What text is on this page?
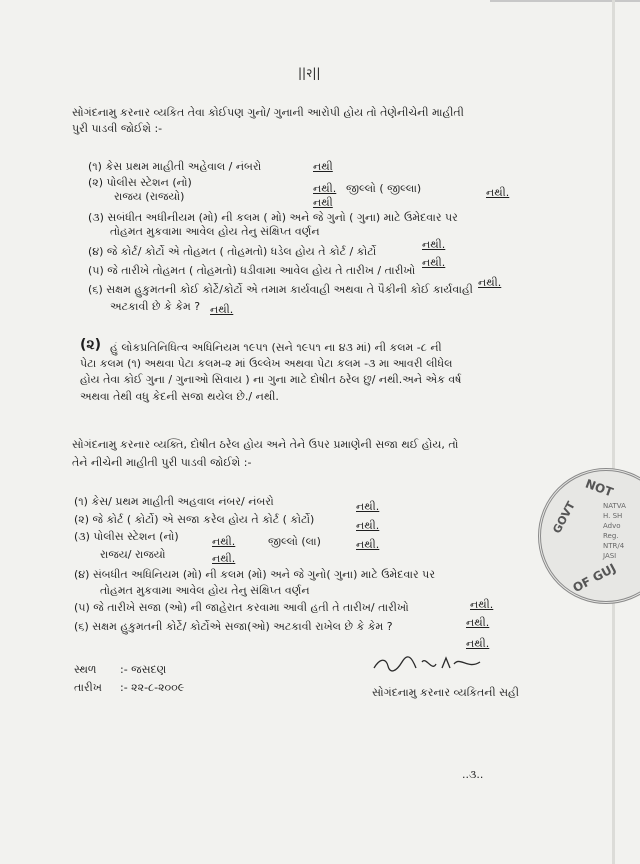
||२||
સોગંદનામુ કરનાર વ્યકિત તેવા કોઈપણ ગુનો/ ગુનાની આરોપી હોય તો તેણેનીચેની માહીતી
પુરી પાડવી જોઈશે :-
(૧) કેસ પ્રથમ માહીતી અહેવાલ / નંબરો	નથી
(૨) પોલીસ સ્ટેશન (નો)	નથી. જીલ્લો ( જીલ્લા)	નથી.
રાજય (રાજયો)	નથી
(૩) સબંધીત અધીનીયમ (મો) ની કલમ ( મો) અને જે ગુનો ( ગુના) માટે ઉમેદવાર પર
તોહમત મુકવામા આવેલ હોય તેનુ સંક્ષિપ્ત વર્ણન
નથી.
(૪) જે કોર્ટ/ કોર્ટો એ તોહમત ( તોહમતો) ધડેલ હોય તે કોર્ટ / કોર્ટો
નથી.
(૫) જે તારીખે તોહમત ( તોહમતો) ધડીવામા આવેલ હોય તે તારીખ / તારીખો
નથી.
(૬) સક્ષમ હુકુમતની કોઈ કોર્ટે/કોર્ટો એ તમામ કાર્યવાહી અથવા તે પૈકીની કોઈ કાર્યવાહી
અટકાવી છે કે કેમ ? નથી.
(૨) હું લોકપ્રતિનિધિત્વ અધિનિયમ ૧૯૫૧ (સને ૧૯૫૧ ના ૪૩ માં) ની કલમ -૮ ની
પેટા કલમ (૧) અથવા પેટા કલમ-૨ માં ઉલ્લેખ અથવા પેટા કલમ -૩ મા આવરી લીધેલ
હોય તેવા કોઈ ગુના / ગુનાઓ સિવાય ) ના ગુના માટે દોષીત ઠરેલ છુ/ નથી.અને એક વર્ષ
અથવા તેથી વધુ કેદની સજા થયેલ છે./ નથી.
સોગંદનામુ કરનાર વ્યક્તિ, દોષીત ઠરેલ હોય અને તેને ઉપર પ્રમાણેની સજા થઈ હોય, તો
તેને નીચેની માહીતી પુરી પાડવી જોઈશે :-
(૧) કેસ/ પ્રથમ માહીતી અહવાલ નંબર/ નંબરો	નથી.
(૨) જે કોર્ટ ( કોર્ટો) એ સજા કરેલ હોય તે કોર્ટ ( કોર્ટો)	નથી.
(૩) પોલીસ સ્ટેશન (નો)	નથી.	જીલ્લો (લા)	નથી.
રાજય/ રાજયો	નથી.
(૪) સંબધીત અધિનિયમ (મો) ની કલમ (મો) અને જે ગુનો( ગુના) માટે ઉમેદવાર પર
તોહમત મુકવામા આવેલ હોય તેનુ સંક્ષિપ્ત વર્ણન
નથી.
(૫) જે તારીખે સજા (ઓ) ની જાહેરાત કરવામા આવી હતી તે તારીખ/ તારીખો
નથી.
(૬) સક્ષમ હુકુમતની કોર્ટે/ કોર્ટોએ સજા(ઓ) અટકાવી રાખેલ છે કે કેમ ?
નથી.
સ્થળ :- જસદણ
તારીખ :- ૨૨-૮-૨૦૦૯	સોગંદનામુ કરનાર વ્યકિતની સહી
NOT
GOVT
OF GUJ
NATVA
H. SH
Advo
Reg.
NTR/4
JASI
..૩..
